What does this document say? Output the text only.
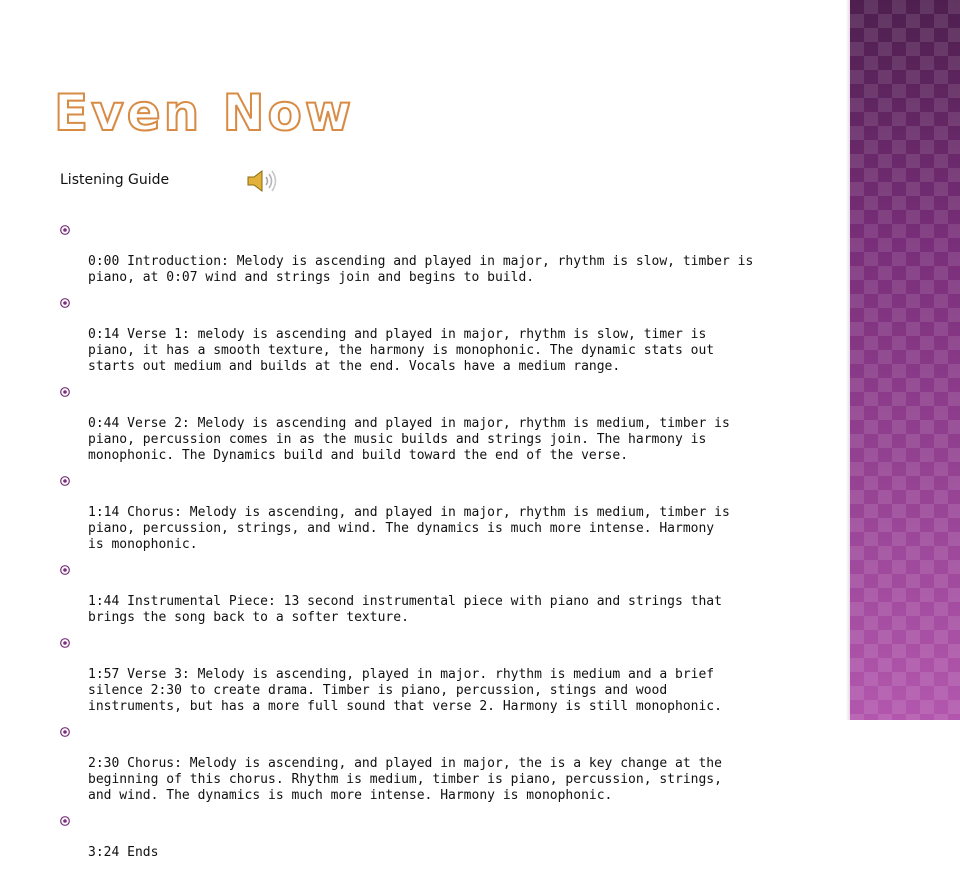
Even Now

Listening Guide

0:00 Introduction: Melody is ascending and played in major, rhythm is slow, timber is
piano, at 0:07 wind and strings join and begins to build.

0:14 Verse 1: melody is ascending and played in major, rhythm is slow, timer is
piano, it has a smooth texture, the harmony is monophonic. The dynamic stats out
starts out medium and builds at the end. Vocals have a medium range.

0:44 Verse 2: Melody is ascending and played in major, rhythm is medium, timber is
piano, percussion comes in as the music builds and strings join. The harmony is
monophonic. The Dynamics build and build toward the end of the verse.

1:14 Chorus: Melody is ascending, and played in major, rhythm is medium, timber is
piano, percussion, strings, and wind. The dynamics is much more intense. Harmony
is monophonic.

1:44 Instrumental Piece: 13 second instrumental piece with piano and strings that
brings the song back to a softer texture.

1:57 Verse 3: Melody is ascending, played in major. rhythm is medium and a brief
silence 2:30 to create drama. Timber is piano, percussion, stings and wood
instruments, but has a more full sound that verse 2. Harmony is still monophonic.

2:30 Chorus: Melody is ascending, and played in major, the is a key change at the
beginning of this chorus. Rhythm is medium, timber is piano, percussion, strings,
and wind. The dynamics is much more intense. Harmony is monophonic.

3:24 Ends
